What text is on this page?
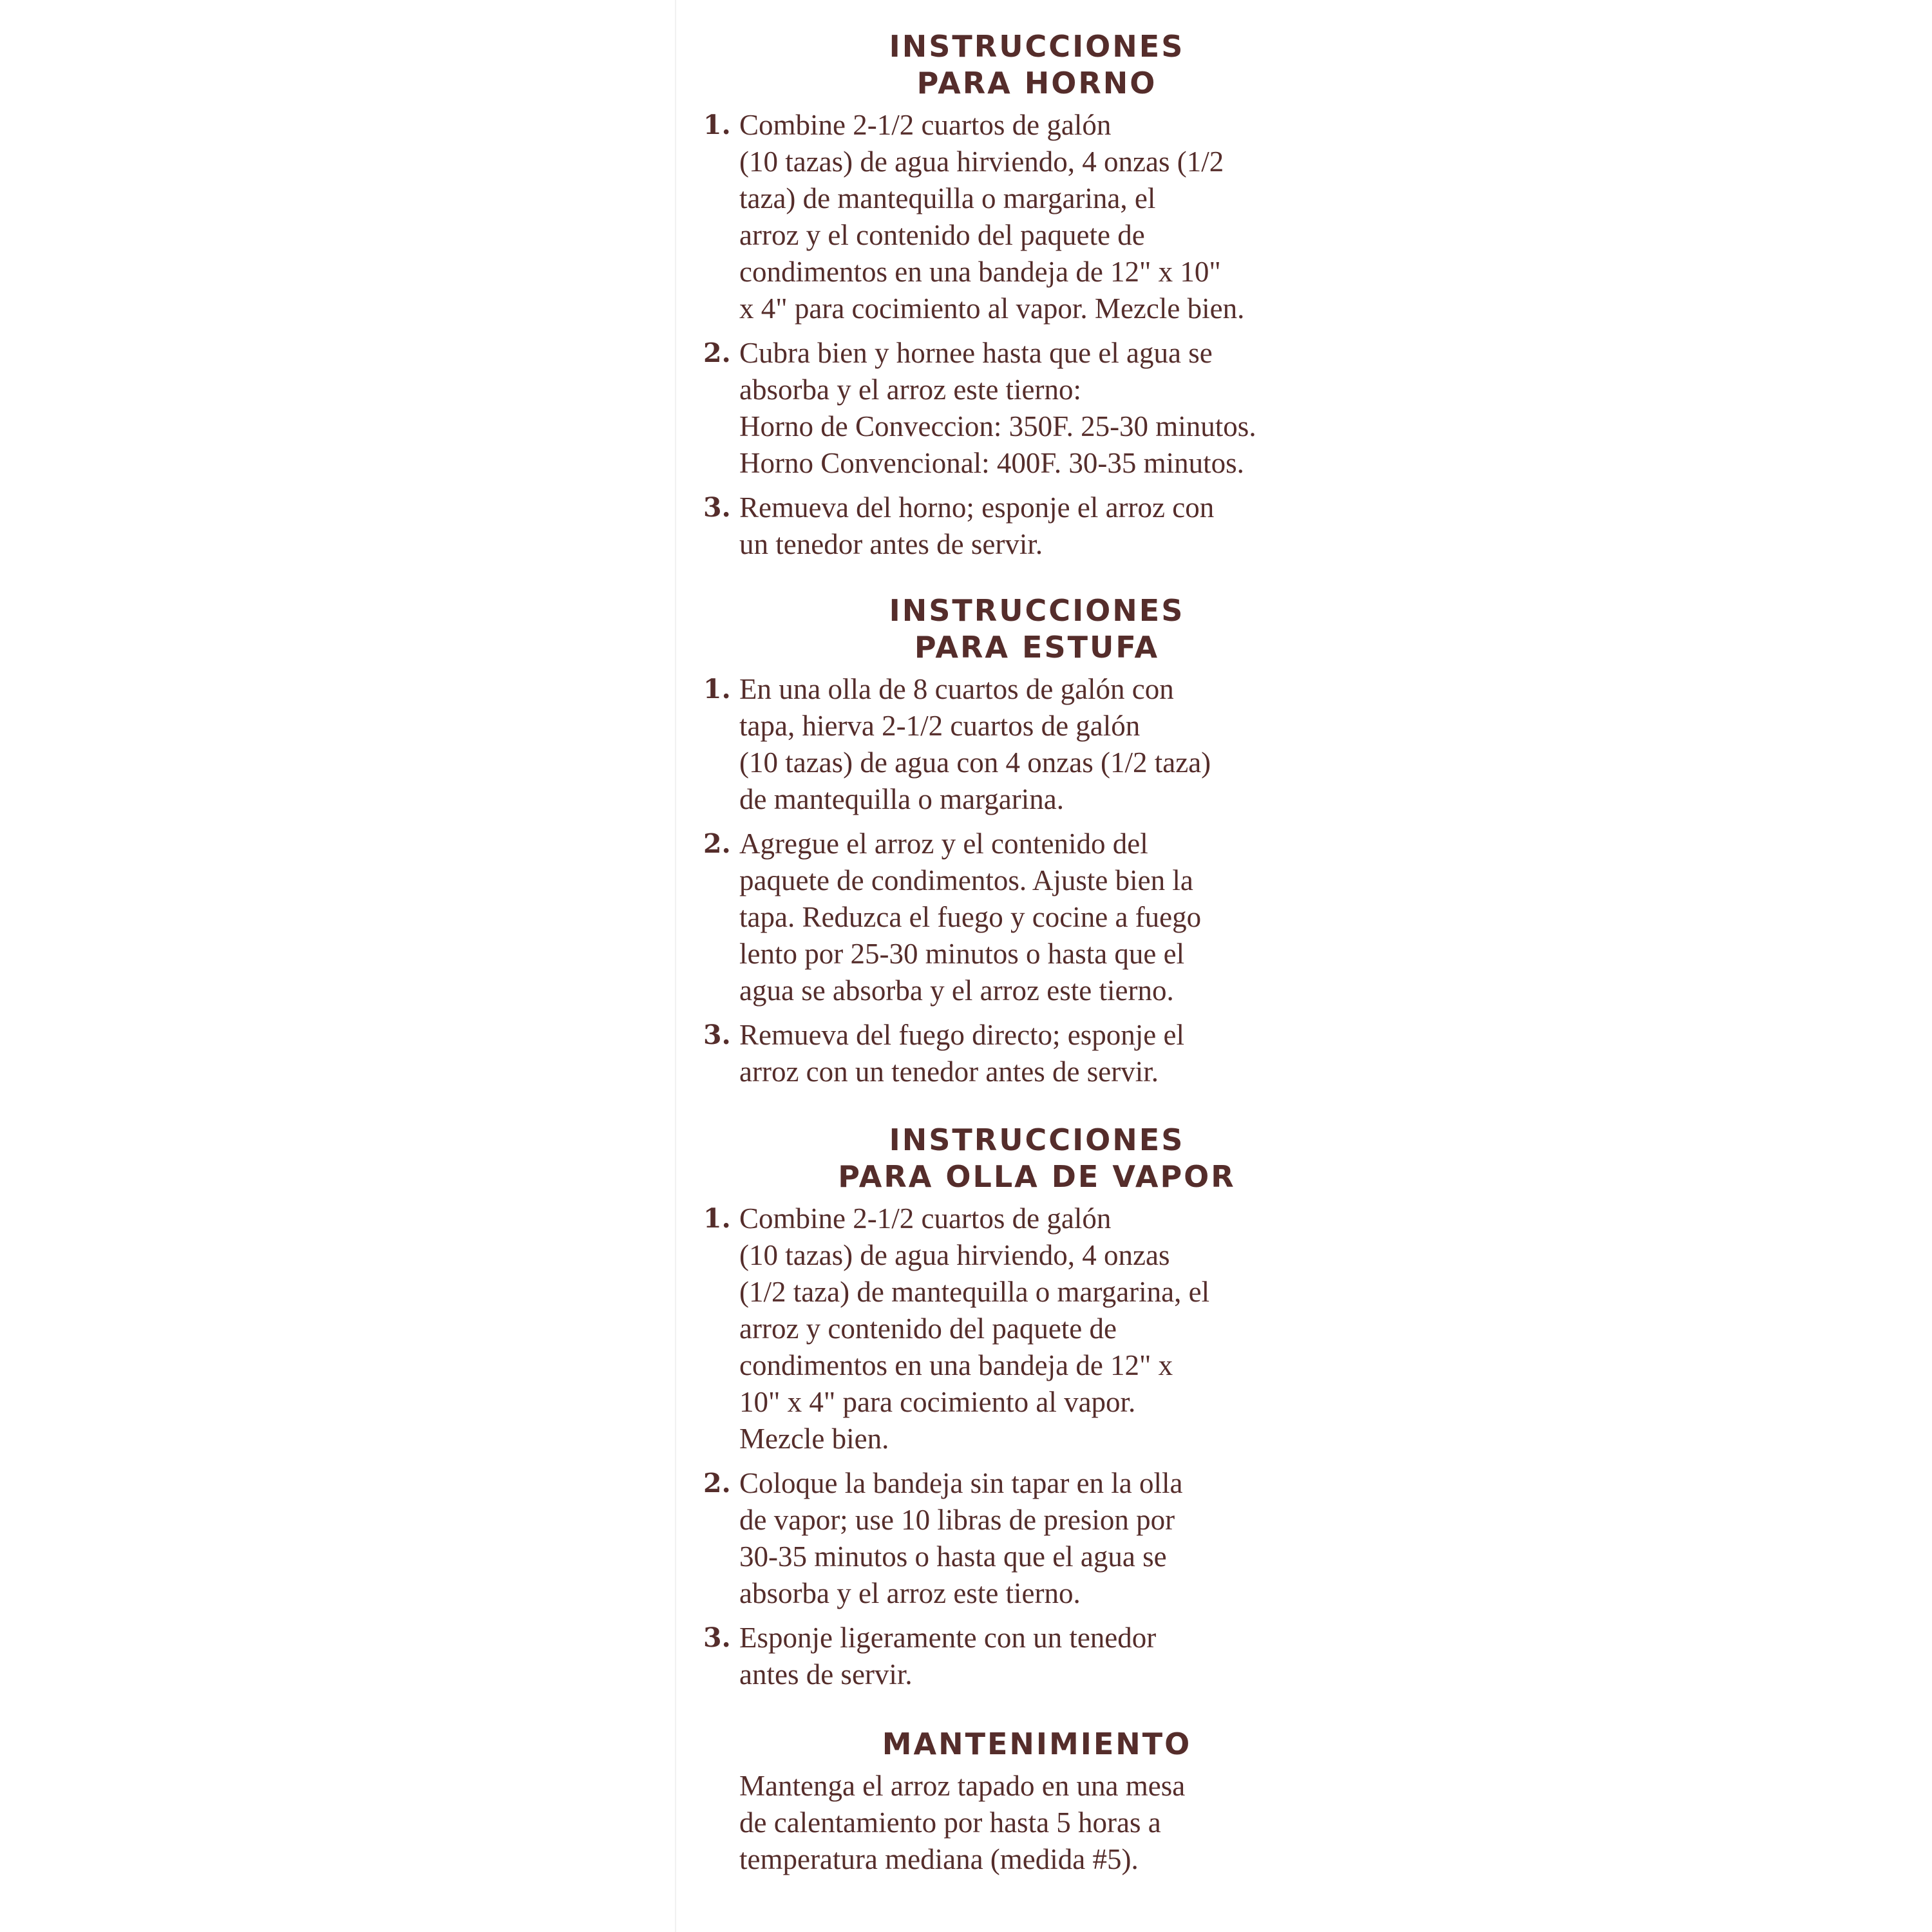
INSTRUCCIONES
PARA HORNO
1. Combine 2-1/2 cuartos de galón
(10 tazas) de agua hirviendo, 4 onzas (1/2
taza) de mantequilla o margarina, el
arroz y el contenido del paquete de
condimentos en una bandeja de 12" x 10"
x 4" para cocimiento al vapor. Mezcle bien.
2. Cubra bien y hornee hasta que el agua se
absorba y el arroz este tierno:
Horno de Conveccion: 350F. 25-30 minutos.
Horno Convencional: 400F. 30-35 minutos.
3. Remueva del horno; esponje el arroz con
un tenedor antes de servir.
INSTRUCCIONES
PARA ESTUFA
1. En una olla de 8 cuartos de galón con
tapa, hierva 2-1/2 cuartos de galón
(10 tazas) de agua con 4 onzas (1/2 taza)
de mantequilla o margarina.
2. Agregue el arroz y el contenido del
paquete de condimentos. Ajuste bien la
tapa. Reduzca el fuego y cocine a fuego
lento por 25-30 minutos o hasta que el
agua se absorba y el arroz este tierno.
3. Remueva del fuego directo; esponje el
arroz con un tenedor antes de servir.
INSTRUCCIONES
PARA OLLA DE VAPOR
1. Combine 2-1/2 cuartos de galón
(10 tazas) de agua hirviendo, 4 onzas
(1/2 taza) de mantequilla o margarina, el
arroz y contenido del paquete de
condimentos en una bandeja de 12" x
10" x 4" para cocimiento al vapor.
Mezcle bien.
2. Coloque la bandeja sin tapar en la olla
de vapor; use 10 libras de presion por
30-35 minutos o hasta que el agua se
absorba y el arroz este tierno.
3. Esponje ligeramente con un tenedor
antes de servir.
MANTENIMIENTO
Mantenga el arroz tapado en una mesa
de calentamiento por hasta 5 horas a
temperatura mediana (medida #5).
